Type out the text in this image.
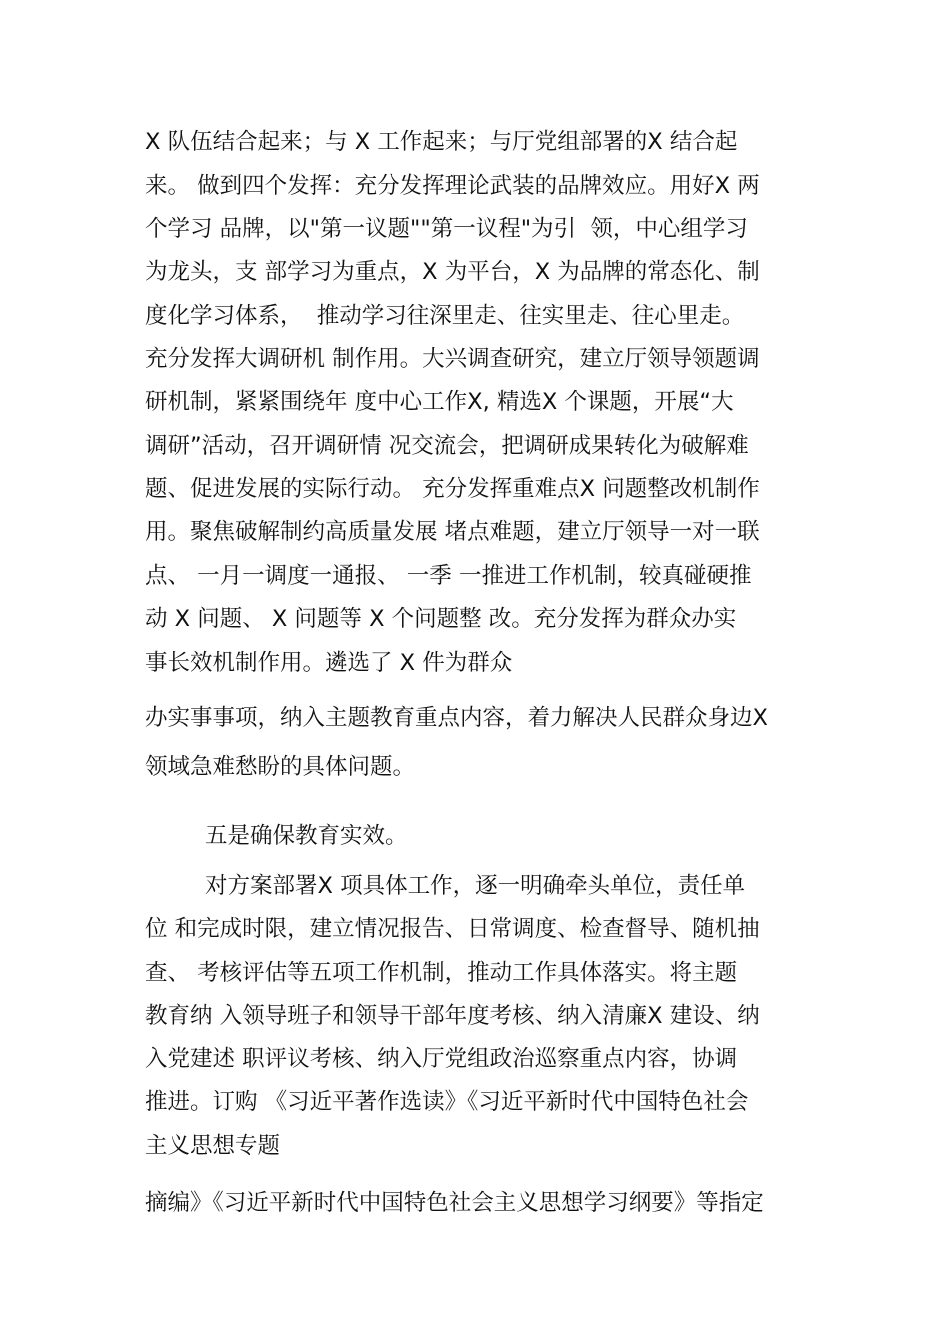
X 队伍结合起来；与 X 工作起来；与厅党组部署的X 结合起
来。 做到四个发挥：充分发挥理论武装的品牌效应。用好X 两
个学习 品牌，以"第一议题""第一议程"为引  领，中心组学习
为龙头，支 部学习为重点，X 为平台，X 为品牌的常态化、制
度化学习体系，  推动学习往深里走、往实里走、往心里走。
充分发挥大调研机 制作用。大兴调查研究，建立厅领导领题调
研机制，紧紧围绕年 度中心工作X, 精选X 个课题，开展“大
调研”活动，召开调研情 况交流会，把调研成果转化为破解难
题、促进发展的实际行动。 充分发挥重难点X 问题整改机制作
用。聚焦破解制约高质量发展 堵点难题，建立厅领导一对一联
点、 一月一调度一通报、 一季 一推进工作机制，较真碰硬推
动 X 问题、 X 问题等 X 个问题整 改。充分发挥为群众办实
事长效机制作用。遴选了 X 件为群众
办实事事项，纳入主题教育重点内容，着力解决人民群众身边X
领域急难愁盼的具体问题。
五是确保教育实效。
对方案部署X 项具体工作，逐一明确牵头单位，责任单
位 和完成时限，建立情况报告、日常调度、检查督导、随机抽
查、 考核评估等五项工作机制，推动工作具体落实。将主题
教育纳 入领导班子和领导干部年度考核、纳入清廉X 建设、纳
入党建述 职评议考核、纳入厅党组政治巡察重点内容，协调
推进。订购 《习近平著作选读》《习近平新时代中国特色社会
主义思想专题
摘编》《习近平新时代中国特色社会主义思想学习纲要》等指定
